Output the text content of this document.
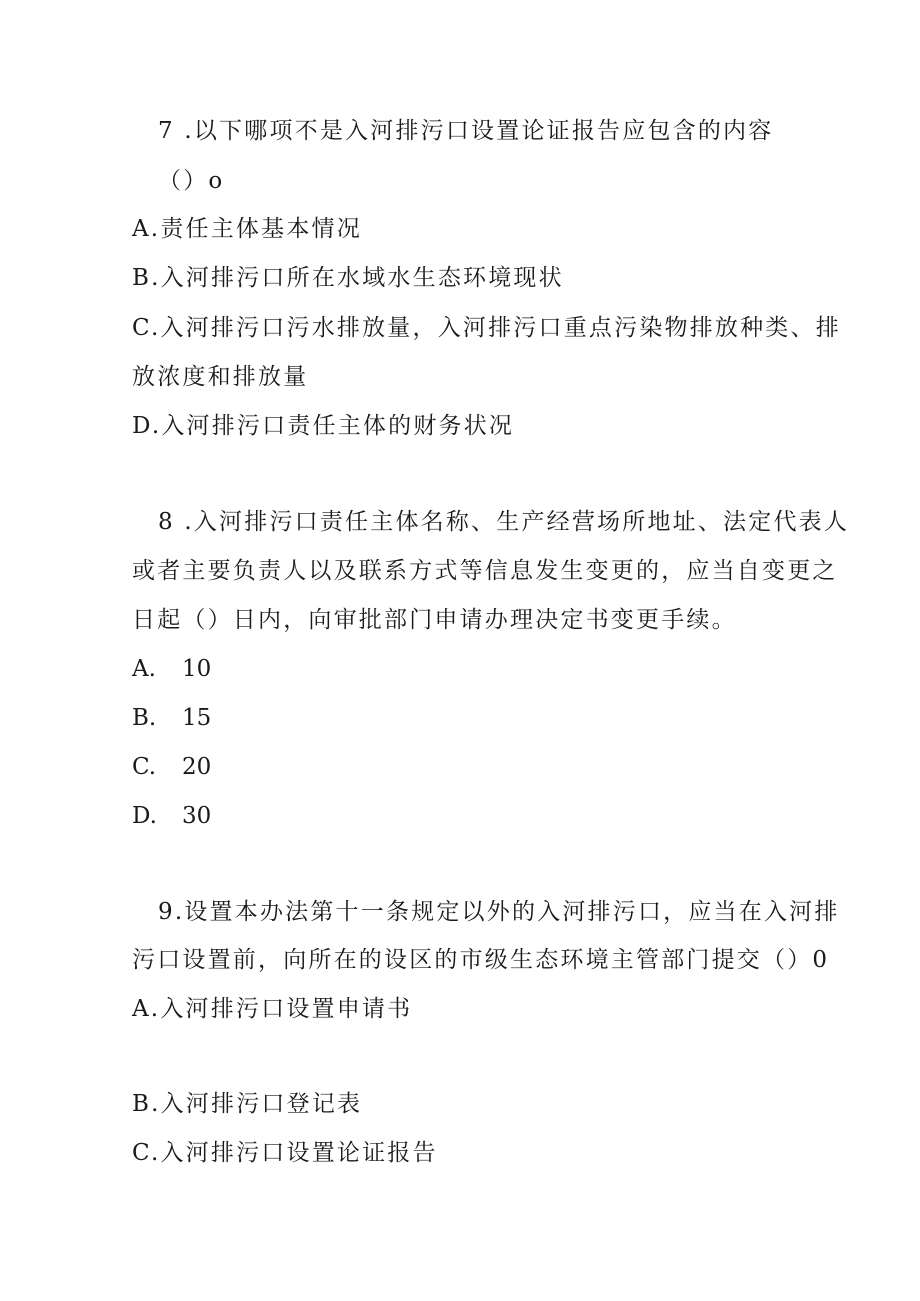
7 .以下哪项不是入河排污口设置论证报告应包含的内容
（）o
A.责任主体基本情况
B.入河排污口所在水域水生态环境现状
C.入河排污口污水排放量，入河排污口重点污染物排放种类、排
放浓度和排放量
D.入河排污口责任主体的财务状况
8 .入河排污口责任主体名称、生产经营场所地址、法定代表人
或者主要负责人以及联系方式等信息发生变更的，应当自变更之
日起（）日内，向审批部门申请办理决定书变更手续。
A. 10
B. 15
C. 20
D. 30
9.设置本办法第十一条规定以外的入河排污口，应当在入河排
污口设置前，向所在的设区的市级生态环境主管部门提交（）0
A.入河排污口设置申请书
B.入河排污口登记表
C.入河排污口设置论证报告
